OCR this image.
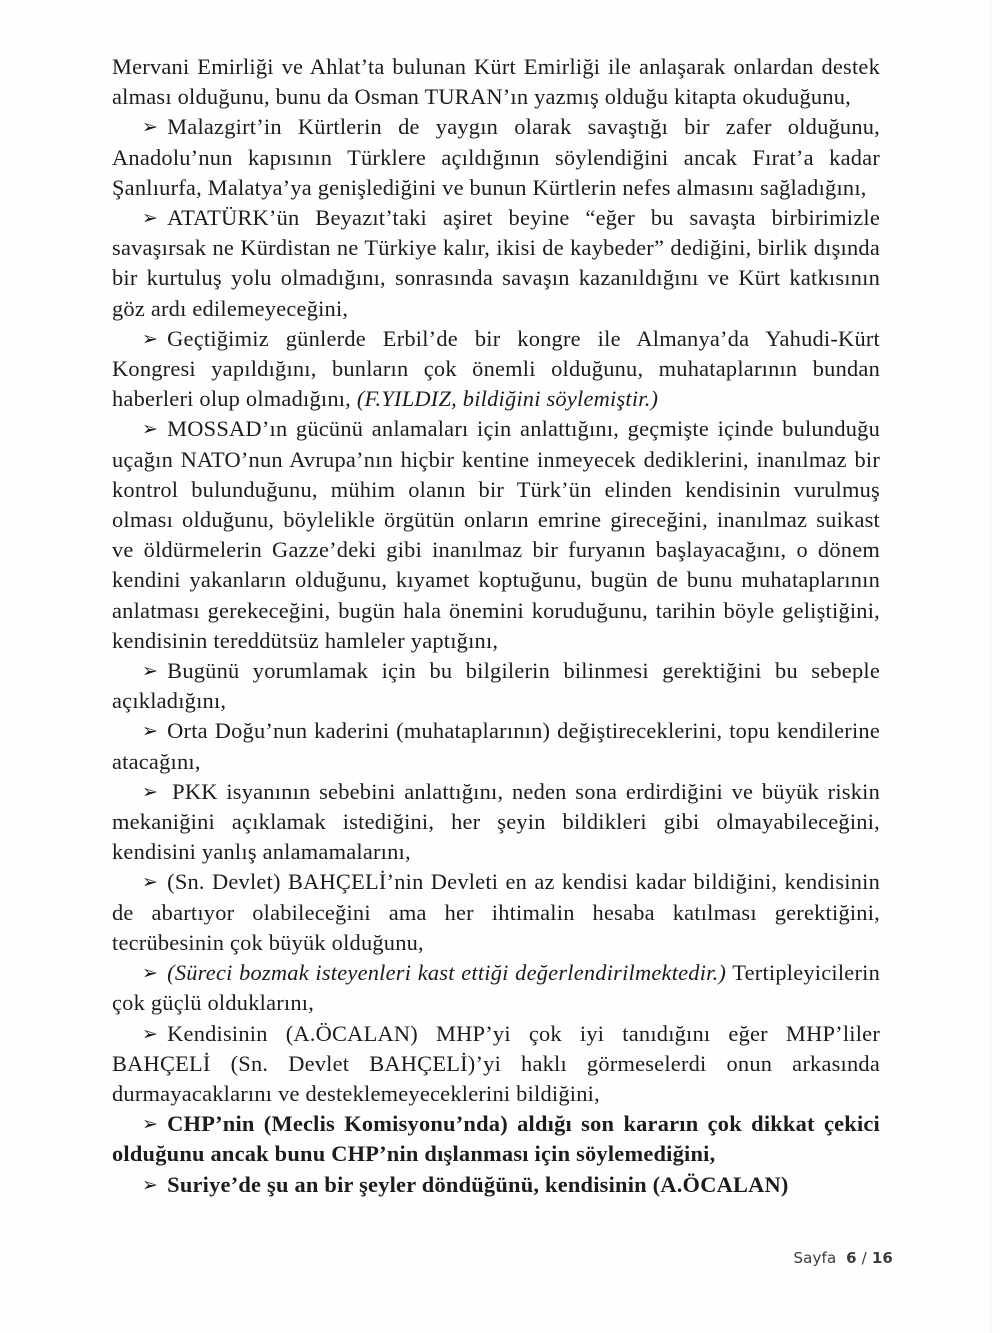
Mervani Emirliği ve Ahlat’ta bulunan Kürt Emirliği ile anlaşarak onlardan destek alması olduğunu, bunu da Osman TURAN’ın yazmış olduğu kitapta okuduğunu,

➢ Malazgirt’in Kürtlerin de yaygın olarak savaştığı bir zafer olduğunu, Anadolu’nun kapısının Türklere açıldığının söylendiğini ancak Fırat’a kadar Şanlıurfa, Malatya’ya genişlediğini ve bunun Kürtlerin nefes almasını sağladığını,

➢ ATATÜRK’ün Beyazıt’taki aşiret beyine “eğer bu savaşta birbirimizle savaşırsak ne Kürdistan ne Türkiye kalır, ikisi de kaybeder” dediğini, birlik dışında bir kurtuluş yolu olmadığını, sonrasında savaşın kazanıldığını ve Kürt katkısının göz ardı edilemeyeceğini,

➢ Geçtiğimiz günlerde Erbil’de bir kongre ile Almanya’da Yahudi-Kürt Kongresi yapıldığını, bunların çok önemli olduğunu, muhataplarının bundan haberleri olup olmadığını, (F.YILDIZ, bildiğini söylemiştir.)

➢ MOSSAD’ın gücünü anlamaları için anlattığını, geçmişte içinde bulunduğu uçağın NATO’nun Avrupa’nın hiçbir kentine inmeyecek dediklerini, inanılmaz bir kontrol bulunduğunu, mühim olanın bir Türk’ün elinden kendisinin vurulmuş olması olduğunu, böylelikle örgütün onların emrine gireceğini, inanılmaz suikast ve öldürmelerin Gazze’deki gibi inanılmaz bir furyanın başlayacağını, o dönem kendini yakanların olduğunu, kıyamet koptuğunu, bugün de bunu muhataplarının anlatması gerekeceğini, bugün hala önemini koruduğunu, tarihin böyle geliştiğini, kendisinin tereddütsüz hamleler yaptığını,

➢ Bugünü yorumlamak için bu bilgilerin bilinmesi gerektiğini bu sebeple açıkladığını,

➢ Orta Doğu’nun kaderini (muhataplarının) değiştireceklerini, topu kendilerine atacağını,

➢ PKK isyanının sebebini anlattığını, neden sona erdirdiğini ve büyük riskin mekaniğini açıklamak istediğini, her şeyin bildikleri gibi olmayabileceğini, kendisini yanlış anlamamalarını,

➢ (Sn. Devlet) BAHÇELİ’nin Devleti en az kendisi kadar bildiğini, kendisinin de abartıyor olabileceğini ama her ihtimalin hesaba katılması gerektiğini, tecrübesinin çok büyük olduğunu,

➢ (Süreci bozmak isteyenleri kast ettiği değerlendirilmektedir.) Tertipleyicilerin çok güçlü olduklarını,

➢ Kendisinin (A.ÖCALAN) MHP’yi çok iyi tanıdığını eğer MHP’liler BAHÇELİ (Sn. Devlet BAHÇELİ)’yi haklı görmeselerdi onun arkasında durmayacaklarını ve desteklemeyeceklerini bildiğini,

➢ CHP’nin (Meclis Komisyonu’nda) aldığı son kararın çok dikkat çekici olduğunu ancak bunu CHP’nin dışlanması için söylemediğini,

➢ Suriye’de şu an bir şeyler döndüğünü, kendisinin (A.ÖCALAN)

Sayfa 6 / 16
